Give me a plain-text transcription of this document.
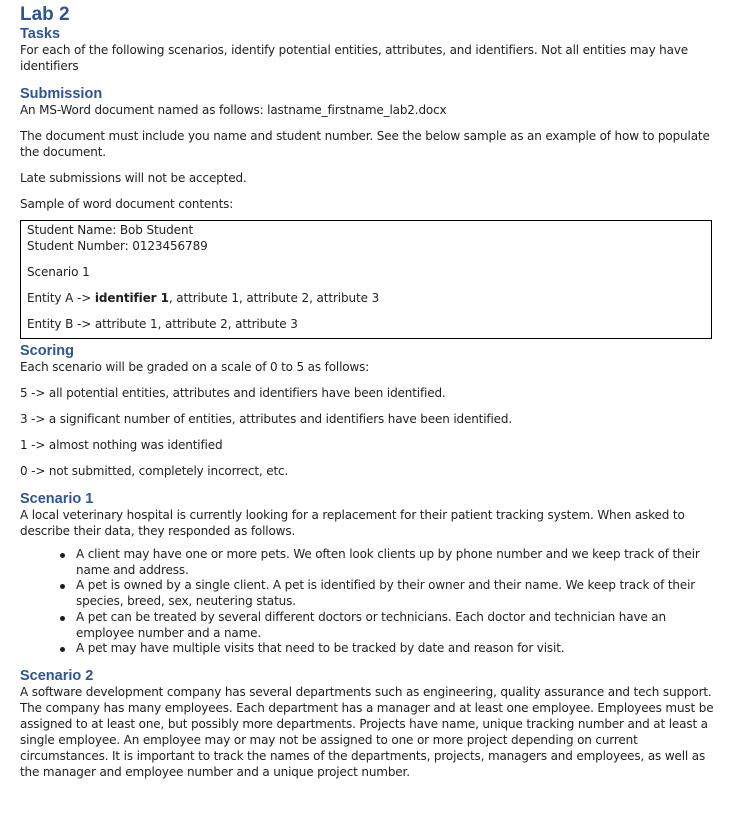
Lab 2
Tasks

For each of the following scenarios, identify potential entities, attributes, and identifiers. Not all entities may have identifiers

Submission

An MS-Word document named as follows: lastname_firstname_lab2.docx

The document must include you name and student number. See the below sample as an example of how to populate the document.

Late submissions will not be accepted.

Sample of word document contents:

Student Name: Bob Student

Student Number: 0123456789

Scenario 1

Entity A -> identifier 1, attribute 1, attribute 2, attribute 3

Entity B -> attribute 1, attribute 2, attribute 3

Scoring

Each scenario will be graded on a scale of 0 to 5 as follows:

5 -> all potential entities, attributes and identifiers have been identified.

3 -> a significant number of entities, attributes and identifiers have been identified.

1 -> almost nothing was identified

0 -> not submitted, completely incorrect, etc.

Scenario 1

A local veterinary hospital is currently looking for a replacement for their patient tracking system. When asked to describe their data, they responded as follows.

A client may have one or more pets. We often look clients up by phone number and we keep track of their name and address.
A pet is owned by a single client. A pet is identified by their owner and their name. We keep track of their species, breed, sex, neutering status.
A pet can be treated by several different doctors or technicians. Each doctor and technician have an employee number and a name.
A pet may have multiple visits that need to be tracked by date and reason for visit.
Scenario 2

A software development company has several departments such as engineering, quality assurance and tech support. The company has many employees. Each department has a manager and at least one employee. Employees must be assigned to at least one, but possibly more departments. Projects have name, unique tracking number and at least a single employee. An employee may or may not be assigned to one or more project depending on current circumstances. It is important to track the names of the departments, projects, managers and employees, as well as the manager and employee number and a unique project number.
